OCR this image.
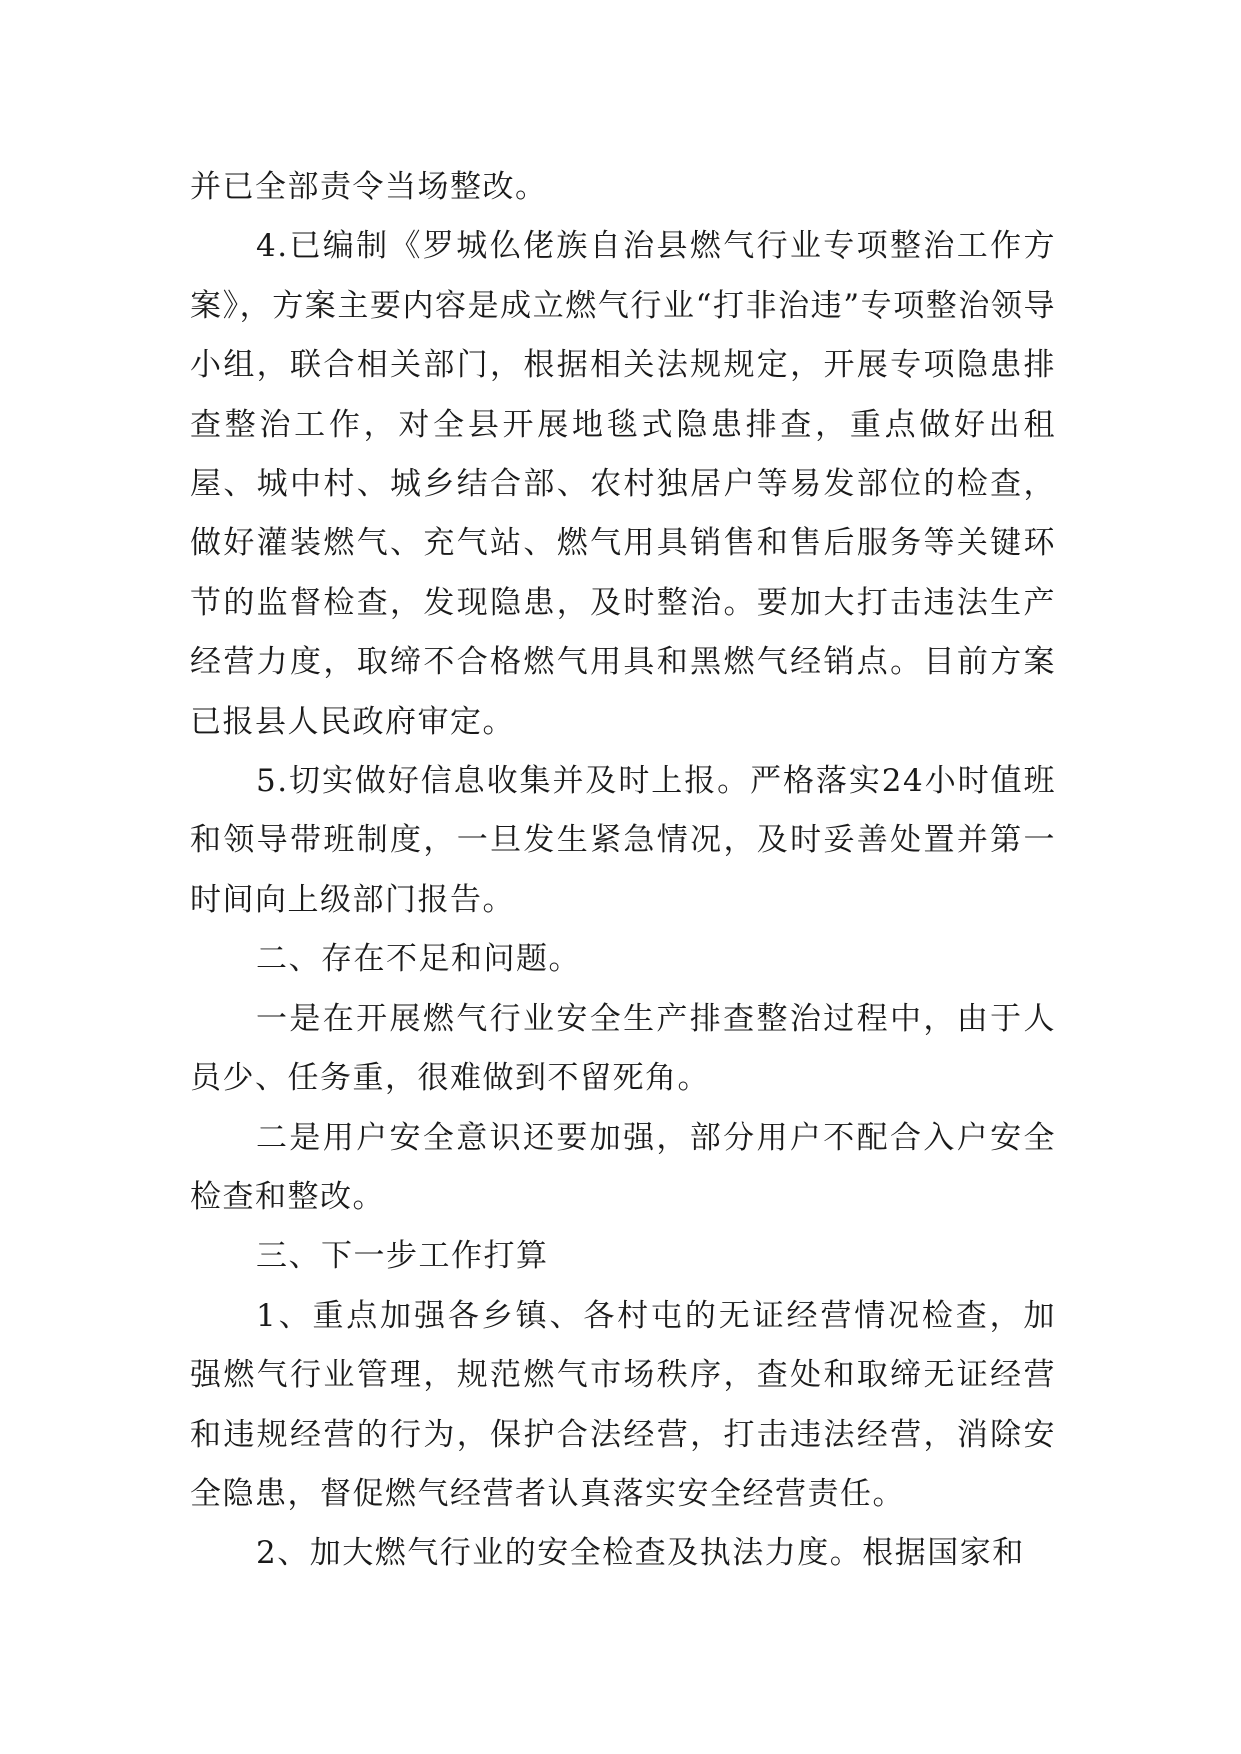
并已全部责令当场整改。

4.已编制《罗城仫佬族自治县燃气行业专项整治工作方案》，方案主要内容是成立燃气行业“打非治违”专项整治领导小组，联合相关部门，根据相关法规规定，开展专项隐患排查整治工作，对全县开展地毯式隐患排查，重点做好出租屋、城中村、城乡结合部、农村独居户等易发部位的检查，做好灌装燃气、充气站、燃气用具销售和售后服务等关键环节的监督检查，发现隐患，及时整治。要加大打击违法生产经营力度，取缔不合格燃气用具和黑燃气经销点。目前方案已报县人民政府审定。

5.切实做好信息收集并及时上报。严格落实24小时值班和领导带班制度，一旦发生紧急情况，及时妥善处置并第一时间向上级部门报告。

二、存在不足和问题。

一是在开展燃气行业安全生产排查整治过程中，由于人员少、任务重，很难做到不留死角。

二是用户安全意识还要加强，部分用户不配合入户安全检查和整改。

三、下一步工作打算

1、重点加强各乡镇、各村屯的无证经营情况检查，加强燃气行业管理，规范燃气市场秩序，查处和取缔无证经营和违规经营的行为，保护合法经营，打击违法经营，消除安全隐患，督促燃气经营者认真落实安全经营责任。

2、加大燃气行业的安全检查及执法力度。根据国家和
